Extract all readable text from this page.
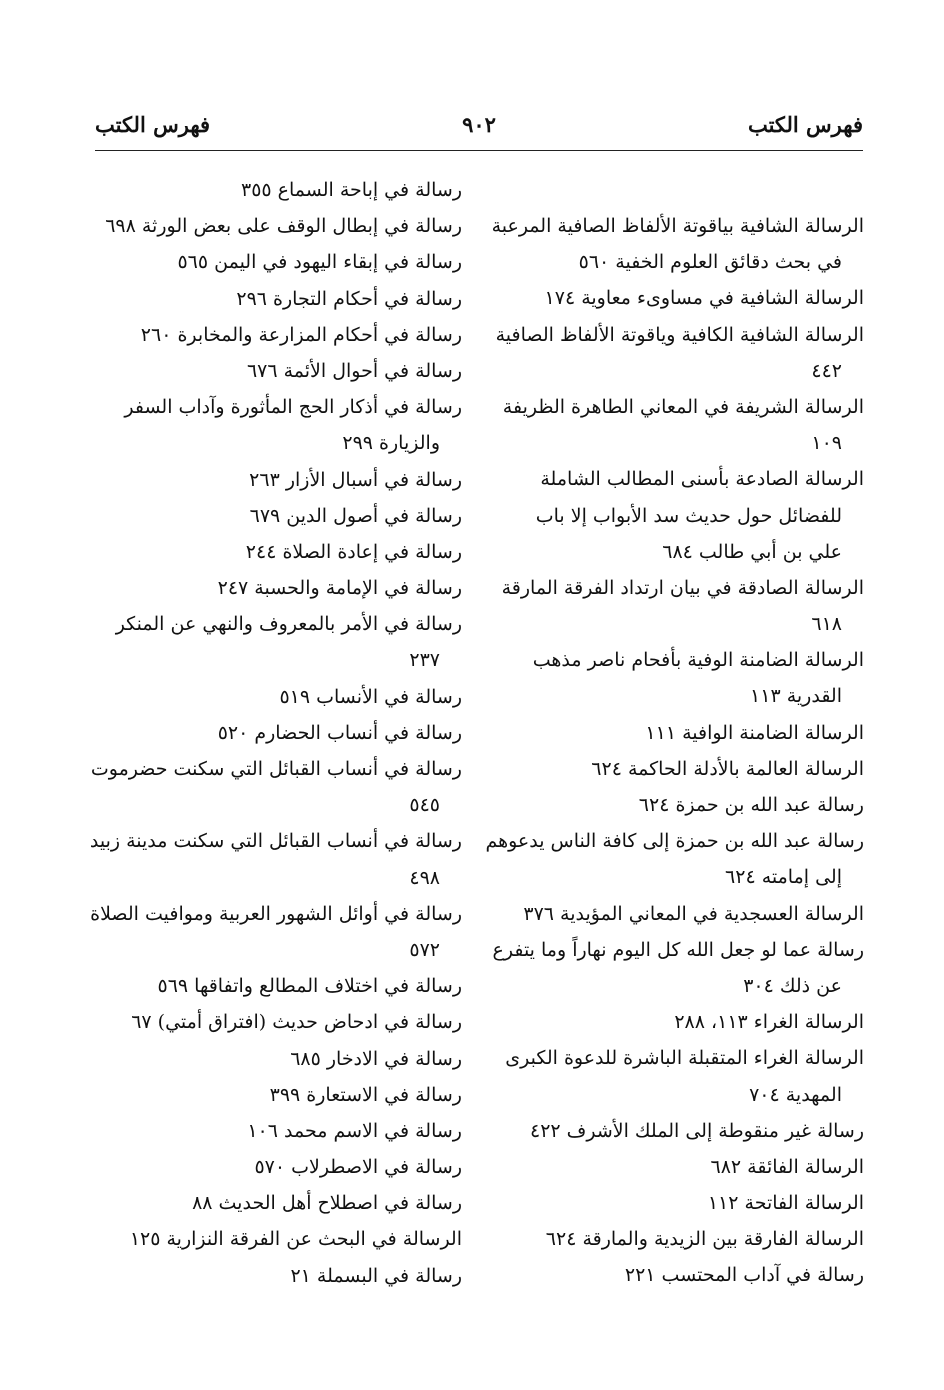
فهرس الكتب
٩٠٢
فهرس الكتب
الرسالة الشافية بياقوتة الألفاظ الصافية المرعبة
في بحث دقائق العلوم الخفية ٥٦٠
الرسالة الشافية في مساوىء معاوية ١٧٤
الرسالة الشافية الكافية وياقوتة الألفاظ الصافية
٤٤٢
الرسالة الشريفة في المعاني الطاهرة الظريفة
١٠٩
الرسالة الصادعة بأسنى المطالب الشاملة
للفضائل حول حديث سد الأبواب إلا باب
علي بن أبي طالب ٦٨٤
الرسالة الصادقة في بيان ارتداد الفرقة المارقة
٦١٨
الرسالة الضامنة الوفية بأفحام ناصر مذهب
القدرية ١١٣
الرسالة الضامنة الوافية ١١١
الرسالة العالمة بالأدلة الحاكمة ٦٢٤
رسالة عبد الله بن حمزة ٦٢٤
رسالة عبد الله بن حمزة إلى كافة الناس يدعوهم
إلى إمامته ٦٢٤
الرسالة العسجدية في المعاني المؤيدية ٣٧٦
رسالة عما لو جعل الله كل اليوم نهاراً وما يتفرع
عن ذلك ٣٠٤
الرسالة الغراء ١١٣، ٢٨٨
الرسالة الغراء المتقبلة الباشرة للدعوة الكبرى
المهدية ٧٠٤
رسالة غير منقوطة إلى الملك الأشرف ٤٢٢
الرسالة الفائقة ٦٨٢
الرسالة الفاتحة ١١٢
الرسالة الفارقة بين الزيدية والمارقة ٦٢٤
رسالة في آداب المحتسب ٢٢١
رسالة في إباحة السماع ٣٥٥
رسالة في إبطال الوقف على بعض الورثة ٦٩٨
رسالة في إبقاء اليهود في اليمن ٥٦٥
رسالة في أحكام التجارة ٢٩٦
رسالة في أحكام المزارعة والمخابرة ٢٦٠
رسالة في أحوال الأئمة ٦٧٦
رسالة في أذكار الحج المأثورة وآداب السفر
والزيارة ٢٩٩
رسالة في أسبال الأزار ٢٦٣
رسالة في أصول الدين ٦٧٩
رسالة في إعادة الصلاة ٢٤٤
رسالة في الإمامة والحسبة ٢٤٧
رسالة في الأمر بالمعروف والنهي عن المنكر
٢٣٧
رسالة في الأنساب ٥١٩
رسالة في أنساب الحضارم ٥٢٠
رسالة في أنساب القبائل التي سكنت حضرموت
٥٤٥
رسالة في أنساب القبائل التي سكنت مدينة زبيد
٤٩٨
رسالة في أوائل الشهور العربية وموافيت الصلاة
٥٧٢
رسالة في اختلاف المطالع واتفاقها ٥٦٩
رسالة في ادحاض حديث (افتراق أمتي) ٦٧
رسالة في الادخار ٦٨٥
رسالة في الاستعارة ٣٩٩
رسالة في الاسم محمد ١٠٦
رسالة في الاصطرلاب ٥٧٠
رسالة في اصطلاح أهل الحديث ٨٨
الرسالة في البحث عن الفرقة النزارية ١٢٥
رسالة في البسملة ٢١
